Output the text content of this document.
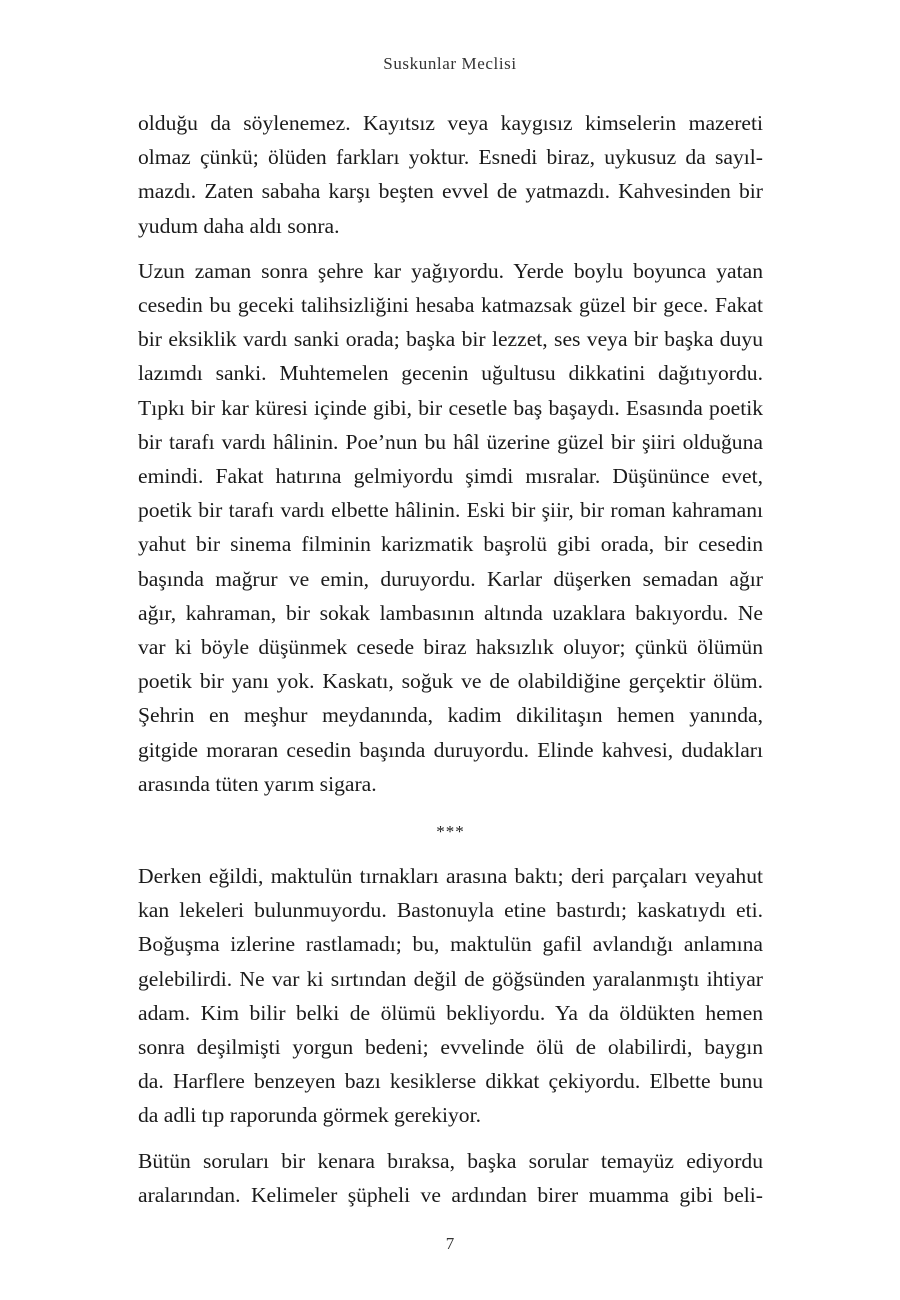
Suskunlar Meclisi

olduğu da söylenemez. Kayıtsız veya kaygısız kimselerin mazereti
olmaz çünkü; ölüden farkları yoktur. Esnedi biraz, uykusuz da sayıl-
mazdı. Zaten sabaha karşı beşten evvel de yatmazdı. Kahvesinden bir
yudum daha aldı sonra.

Uzun zaman sonra şehre kar yağıyordu. Yerde boylu boyunca yatan
cesedin bu geceki talihsizliğini hesaba katmazsak güzel bir gece. Fakat
bir eksiklik vardı sanki orada; başka bir lezzet, ses veya bir başka duyu
lazımdı sanki. Muhtemelen gecenin uğultusu dikkatini dağıtıyordu.
Tıpkı bir kar küresi içinde gibi, bir cesetle baş başaydı. Esasında poetik
bir tarafı vardı hâlinin. Poe’nun bu hâl üzerine güzel bir şiiri olduğuna
emindi. Fakat hatırına gelmiyordu şimdi mısralar. Düşününce evet,
poetik bir tarafı vardı elbette hâlinin. Eski bir şiir, bir roman kahramanı
yahut bir sinema filminin karizmatik başrolü gibi orada, bir cesedin
başında mağrur ve emin, duruyordu. Karlar düşerken semadan ağır
ağır, kahraman, bir sokak lambasının altında uzaklara bakıyordu. Ne
var ki böyle düşünmek cesede biraz haksızlık oluyor; çünkü ölümün
poetik bir yanı yok. Kaskatı, soğuk ve de olabildiğine gerçektir ölüm.
Şehrin en meşhur meydanında, kadim dikilitaşın hemen yanında,
gitgide moraran cesedin başında duruyordu. Elinde kahvesi, dudakları
arasında tüten yarım sigara.

***

Derken eğildi, maktulün tırnakları arasına baktı; deri parçaları veyahut
kan lekeleri bulunmuyordu. Bastonuyla etine bastırdı; kaskatıydı eti.
Boğuşma izlerine rastlamadı; bu, maktulün gafil avlandığı anlamına
gelebilirdi. Ne var ki sırtından değil de göğsünden yaralanmıştı ihtiyar
adam. Kim bilir belki de ölümü bekliyordu. Ya da öldükten hemen
sonra deşilmişti yorgun bedeni; evvelinde ölü de olabilirdi, baygın
da. Harflere benzeyen bazı kesiklerse dikkat çekiyordu. Elbette bunu
da adli tıp raporunda görmek gerekiyor.

Bütün soruları bir kenara bıraksa, başka sorular temayüz ediyordu
aralarından. Kelimeler şüpheli ve ardından birer muamma gibi beli-

7
